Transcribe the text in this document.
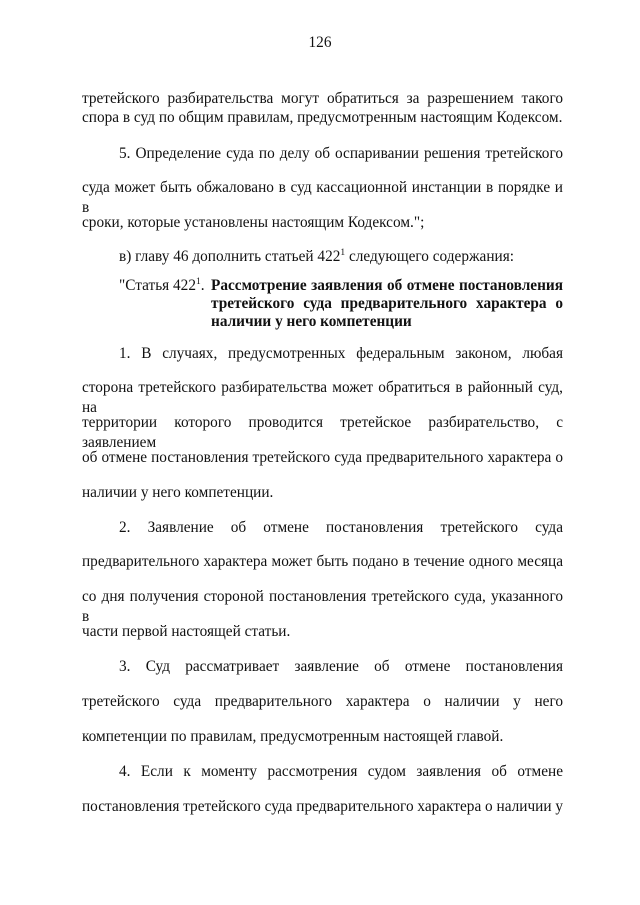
126
третейского разбирательства могут обратиться за разрешением такого
спора в суд по общим правилам, предусмотренным настоящим Кодексом.
5. Определение суда по делу об оспаривании решения третейского
суда может быть обжаловано в суд кассационной инстанции в порядке и в
сроки, которые установлены настоящим Кодексом.";
в) главу 46 дополнить статьей $422^1$ следующего содержания:
"Статья $422^1$. Рассмотрение заявления об отмене постановления
третейского суда предварительного характера о
наличии у него компетенции
1. В случаях, предусмотренных федеральным законом, любая
сторона третейского разбирательства может обратиться в районный суд, на
территории которого проводится третейское разбирательство, с заявлением
об отмене постановления третейского суда предварительного характера о
наличии у него компетенции.
2. Заявление об отмене постановления третейского суда
предварительного характера может быть подано в течение одного месяца
со дня получения стороной постановления третейского суда, указанного в
части первой настоящей статьи.
3. Суд рассматривает заявление об отмене постановления
третейского суда предварительного характера о наличии у него
компетенции по правилам, предусмотренным настоящей главой.
4. Если к моменту рассмотрения судом заявления об отмене
постановления третейского суда предварительного характера о наличии у
